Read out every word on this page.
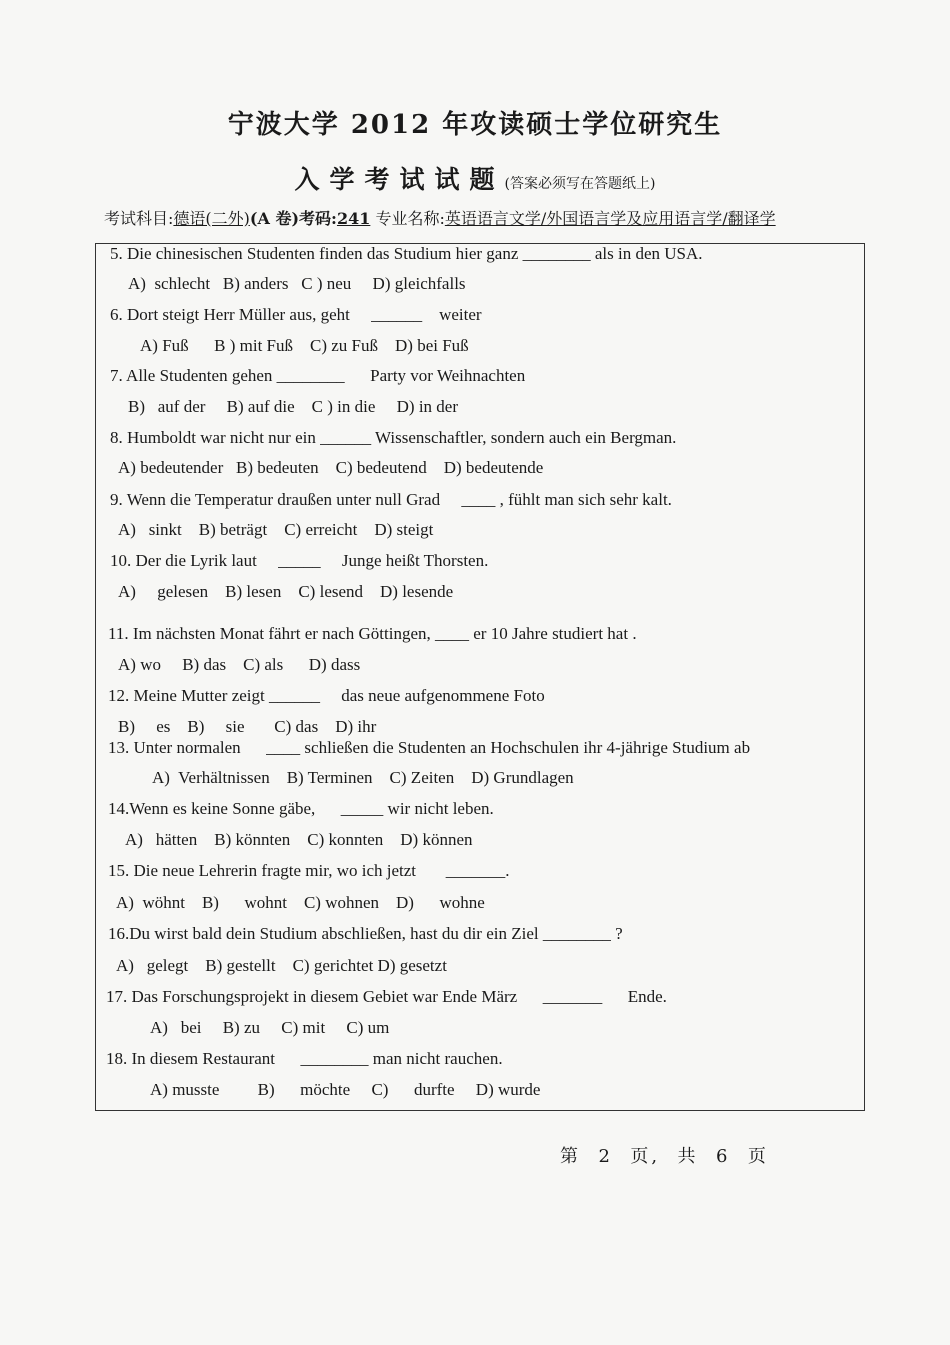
宁波大学 2012 年攻读硕士学位研究生
入学考试试题(答案必须写在答题纸上)
考试科目:德语(二外)(A 卷)考码:241 专业名称:英语语言文学/外国语言学及应用语言学/翻译学
5. Die chinesischen Studenten finden das Studium hier ganz ________ als in den USA.
A)  schlecht   B) anders   C ) neu     D) gleichfalls
6. Dort steigt Herr Müller aus, geht     ______    weiter
A) Fuß      B ) mit Fuß    C) zu Fuß    D) bei Fuß
7. Alle Studenten gehen ________      Party vor Weihnachten
B)   auf der     B) auf die    C ) in die     D) in der
8. Humboldt war nicht nur ein ______ Wissenschaftler, sondern auch ein Bergman.
A) bedeutender   B) bedeuten    C) bedeutend    D) bedeutende
9. Wenn die Temperatur draußen unter null Grad     ____ , fühlt man sich sehr kalt.
A)   sinkt    B) beträgt    C) erreicht    D) steigt
10. Der die Lyrik laut     _____     Junge heißt Thorsten.
A)     gelesen    B) lesen    C) lesend    D) lesende
11. Im nächsten Monat fährt er nach Göttingen, ____ er 10 Jahre studiert hat .
A) wo     B) das    C) als      D) dass
12. Meine Mutter zeigt ______     das neue aufgenommene Foto
B)     es    B)     sie       C) das    D) ihr
13. Unter normalen      ____ schließen die Studenten an Hochschulen ihr 4-jährige Studium ab
A)  Verhältnissen    B) Terminen    C) Zeiten    D) Grundlagen
14.Wenn es keine Sonne gäbe,      _____ wir nicht leben.
A)   hätten    B) könnten    C) konnten    D) können
15. Die neue Lehrerin fragte mir, wo ich jetzt       _______.
A)  wöhnt    B)      wohnt    C) wohnen    D)      wohne
16.Du wirst bald dein Studium abschließen, hast du dir ein Ziel ________ ?
A)   gelegt    B) gestellt    C) gerichtet D) gesetzt
17. Das Forschungsprojekt in diesem Gebiet war Ende März      _______      Ende.
A)   bei     B) zu     C) mit     C) um
18. In diesem Restaurant      ________ man nicht rauchen.
A) musste         B)      möchte     C)      durfte     D) wurde
第  2  页,  共  6  页
